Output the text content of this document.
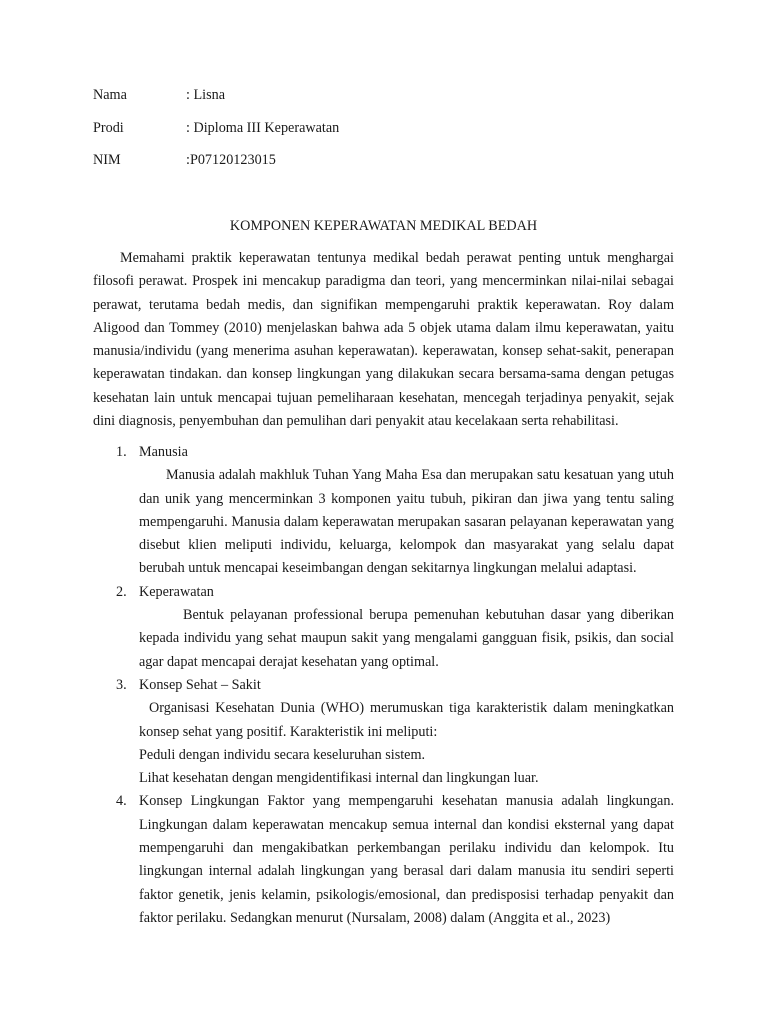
Nama	: Lisna
Prodi	: Diploma III Keperawatan
NIM	:P07120123015
KOMPONEN KEPERAWATAN MEDIKAL BEDAH

Memahami praktik keperawatan tentunya medikal bedah perawat penting untuk menghargai filosofi perawat. Prospek ini mencakup paradigma dan teori, yang mencerminkan nilai-nilai sebagai perawat, terutama bedah medis, dan signifikan mempengaruhi praktik keperawatan. Roy dalam Aligood dan Tommey (2010) menjelaskan bahwa ada 5 objek utama dalam ilmu keperawatan, yaitu manusia/individu (yang menerima asuhan keperawatan). keperawatan, konsep sehat-sakit, penerapan keperawatan tindakan. dan konsep lingkungan yang dilakukan secara bersama-sama dengan petugas kesehatan lain untuk mencapai tujuan pemeliharaan kesehatan, mencegah terjadinya penyakit, sejak dini diagnosis, penyembuhan dan pemulihan dari penyakit atau kecelakaan serta rehabilitasi.

1. Manusia
Manusia adalah makhluk Tuhan Yang Maha Esa dan merupakan satu kesatuan yang utuh dan unik yang mencerminkan 3 komponen yaitu tubuh, pikiran dan jiwa yang tentu saling mempengaruhi. Manusia dalam keperawatan merupakan sasaran pelayanan keperawatan yang disebut klien meliputi individu, keluarga, kelompok dan masyarakat yang selalu dapat berubah untuk mencapai keseimbangan dengan sekitarnya lingkungan melalui adaptasi.
2. Keperawatan
Bentuk pelayanan professional berupa pemenuhan kebutuhan dasar yang diberikan kepada individu yang sehat maupun sakit yang mengalami gangguan fisik, psikis, dan social agar dapat mencapai derajat kesehatan yang optimal.
3. Konsep Sehat – Sakit
Organisasi Kesehatan Dunia (WHO) merumuskan tiga karakteristik dalam meningkatkan konsep sehat yang positif. Karakteristik ini meliputi:
Peduli dengan individu secara keseluruhan sistem.
Lihat kesehatan dengan mengidentifikasi internal dan lingkungan luar.
4. Konsep Lingkungan Faktor yang mempengaruhi kesehatan manusia adalah lingkungan. Lingkungan dalam keperawatan mencakup semua internal dan kondisi eksternal yang dapat mempengaruhi dan mengakibatkan perkembangan perilaku individu dan kelompok. Itu lingkungan internal adalah lingkungan yang berasal dari dalam manusia itu sendiri seperti faktor genetik, jenis kelamin, psikologis/emosional, dan predisposisi terhadap penyakit dan faktor perilaku. Sedangkan menurut (Nursalam, 2008) dalam (Anggita et al., 2023)
